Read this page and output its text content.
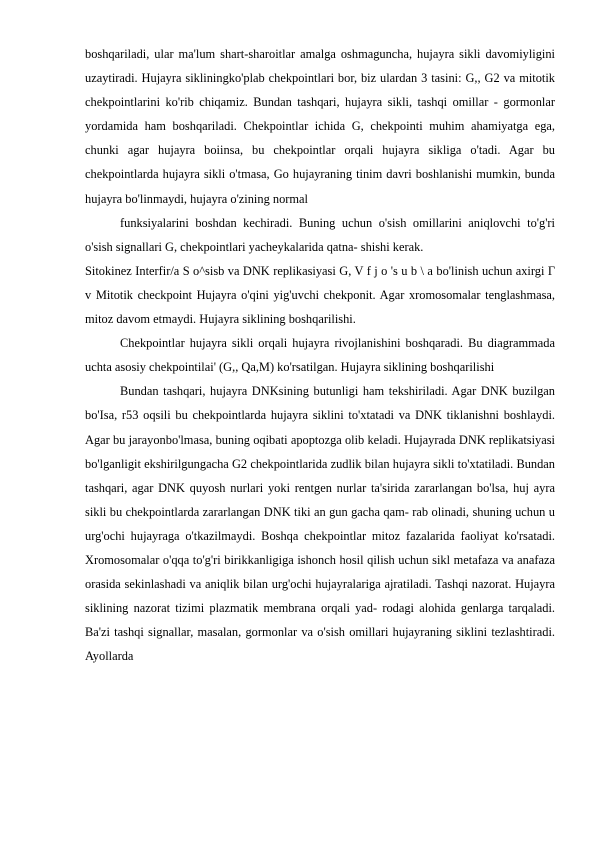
boshqariladi, ular ma'lum shart-sharoitlar amalga oshmaguncha, hujayra sikli davomiyligini uzaytiradi. Hujayra sikliningko'plab chekpointlari bor, biz ulardan 3 tasini: G,, G2 va mitotik chekpointlarini ko'rib chiqamiz. Bundan tashqari, hujayra sikli, tashqi omillar - gormonlar yordamida ham boshqariladi. Chekpointlar ichida G, chekpointi muhim ahamiyatga ega, chunki agar hujayra boiinsa, bu chekpointlar orqali hujayra sikliga o'tadi. Agar bu chekpointlarda hujayra sikli o'tmasa, Go hujayraning tinim davri boshlanishi mumkin, bunda hujayra bo'linmaydi, hujayra o'zining normal

funksiyalarini boshdan kechiradi. Buning uchun o'sish omillarini aniqlovchi to'g'ri o'sish signallari G, chekpointlari yacheykalarida qatna- shishi kerak.

Sitokinez Interfir/a S o^sisb va DNK replikasiyasi G, V f j o 's u b \ a bo'linish uchun axirgi Γ v Mitotik checkpoint Hujayra o'qini yig'uvchi chekponit. Agar xromosomalar tenglashmasa, mitoz davom etmaydi. Hujayra siklining boshqarilishi.

Chekpointlar hujayra sikli orqali hujayra rivojlanishini boshqaradi. Bu diagrammada uchta asosiy chekpointilai' (G,, Qa,M) ko'rsatilgan. Hujayra siklining boshqarilishi

Bundan tashqari, hujayra DNKsining butunligi ham tekshiriladi. Agar DNK buzilgan bo'Isa, r53 oqsili bu chekpointlarda hujayra siklini to'xtatadi va DNK tiklanishni boshlaydi. Agar bu jarayonbo'lmasa, buning oqibati apoptozga olib keladi. Hujayrada DNK replikatsiyasi bo'lganligit ekshirilgungacha G2 chekpointlarida zudlik bilan hujayra sikli to'xtatiladi. Bundan tashqari, agar DNK quyosh nurlari yoki rentgen nurlar ta'sirida zararlangan bo'lsa, huj ayra sikli bu chekpointlarda zararlangan DNK tiki an gun gacha qam- rab olinadi, shuning uchun u urg'ochi hujayraga o'tkazilmaydi. Boshqa chekpointlar mitoz fazalarida faoliyat ko'rsatadi. Xromosomalar o'qqa to'g'ri birikkanligiga ishonch hosil qilish uchun sikl metafaza va anafaza orasida sekinlashadi va aniqlik bilan urg'ochi hujayralariga ajratiladi. Tashqi nazorat. Hujayra siklining nazorat tizimi plazmatik membrana orqali yad- rodagi alohida genlarga tarqaladi. Ba'zi tashqi signallar, masalan, gormonlar va o'sish omillari hujayraning siklini tezlashtiradi. Ayollarda
